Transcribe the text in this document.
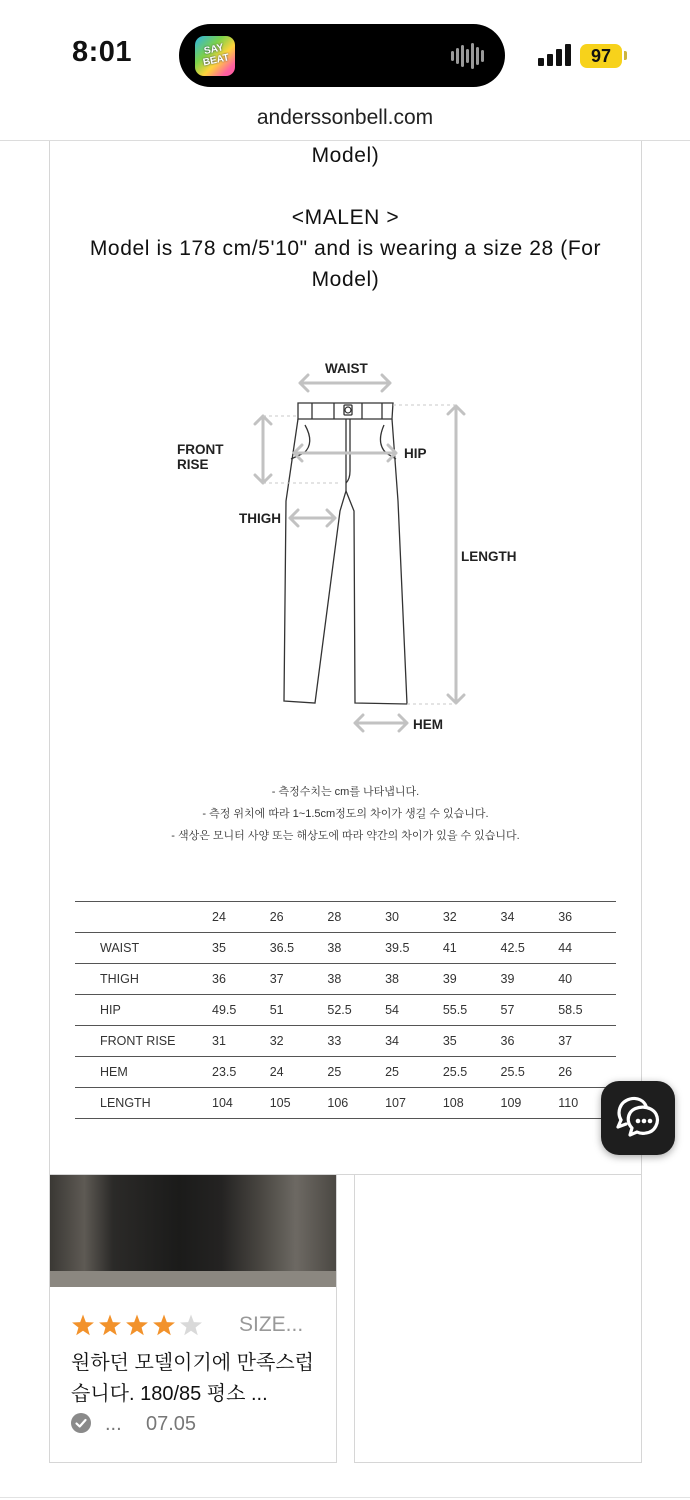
8:01	SAY BEAT	97
anderssonbell.com
Model)
<MALEN >
Model is 178 cm/5'10" and is wearing a size 28 (For
Model)
WAIST
FRONT RISE
HIP
THIGH
LENGTH
HEM
- 측정수치는 cm를 나타냅니다.
- 측정 위치에 따라 1~1.5cm정도의 차이가 생길 수 있습니다.
- 색상은 모니터 사양 또는 해상도에 따라 약간의 차이가 있을 수 있습니다.
	24	26	28	30	32	34	36
WAIST	35	36.5	38	39.5	41	42.5	44
THIGH	36	37	38	38	39	39	40
HIP	49.5	51	52.5	54	55.5	57	58.5
FRONT RISE	31	32	33	34	35	36	37
HEM	23.5	24	25	25	25.5	25.5	26
LENGTH	104	105	106	107	108	109	110
SIZE...
원하던 모델이기에 만족스럽습니다. 180/85 평소 ...
... 07.05
